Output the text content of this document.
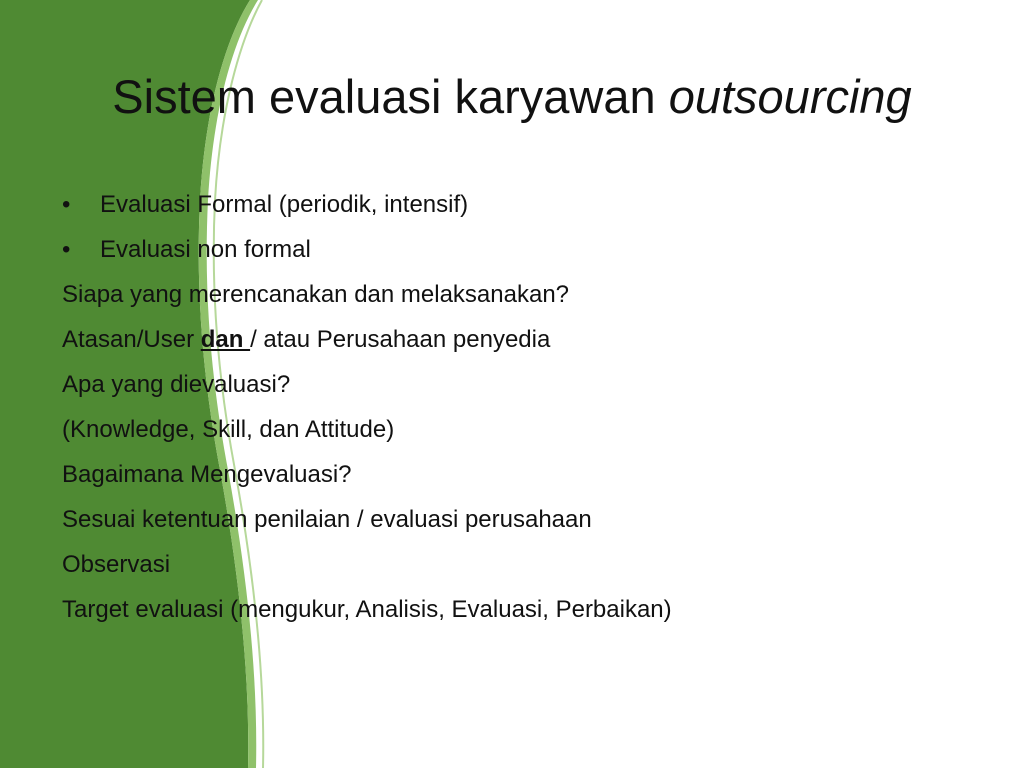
Sistem evaluasi karyawan outsourcing
• Evaluasi Formal (periodik, intensif)
• Evaluasi non formal
Siapa yang merencanakan dan melaksanakan?
Atasan/User dan / atau Perusahaan penyedia
Apa yang dievaluasi?
(Knowledge, Skill, dan Attitude)
Bagaimana Mengevaluasi?
Sesuai ketentuan penilaian / evaluasi perusahaan
Observasi
Target evaluasi (mengukur, Analisis, Evaluasi, Perbaikan)
